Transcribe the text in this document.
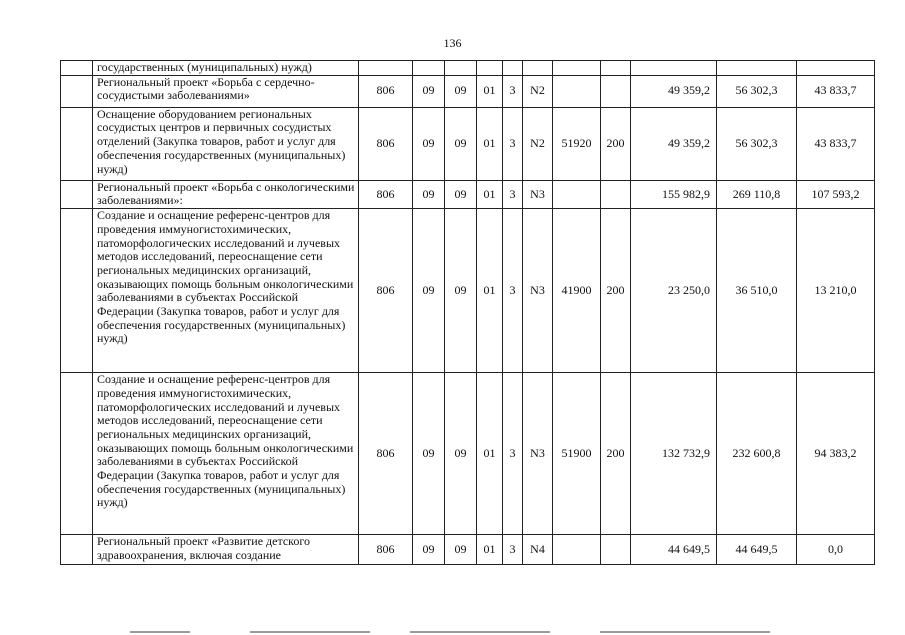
136
	государственных (муниципальных) нужд)											
	Региональный проект «Борьба с сердечно-сосудистыми заболеваниями»	806	09	09	01	3	N2			49 359,2	56 302,3	43 833,7
	Оснащение оборудованием региональных сосудистых центров и первичных сосудистых отделений (Закупка товаров, работ и услуг для обеспечения государственных (муниципальных) нужд)	806	09	09	01	3	N2	51920	200	49 359,2	56 302,3	43 833,7
	Региональный проект «Борьба с онкологическими заболеваниями»:	806	09	09	01	3	N3			155 982,9	269 110,8	107 593,2
	Создание и оснащение референс-центров для проведения иммуногистохимических, патоморфологических исследований и лучевых методов исследований, переоснащение сети региональных медицинских организаций, оказывающих помощь больным онкологическими заболеваниями в субъектах Российской Федерации (Закупка товаров, работ и услуг для обеспечения государственных (муниципальных) нужд)	806	09	09	01	3	N3	41900	200	23 250,0	36 510,0	13 210,0
	Создание и оснащение референс-центров для проведения иммуногистохимических, патоморфологических исследований и лучевых методов исследований, переоснащение сети региональных медицинских организаций, оказывающих помощь больным онкологическими заболеваниями в субъектах Российской Федерации (Закупка товаров, работ и услуг для обеспечения государственных (муниципальных) нужд)	806	09	09	01	3	N3	51900	200	132 732,9	232 600,8	94 383,2
	Региональный проект «Развитие детского здравоохранения, включая создание	806	09	09	01	3	N4			44 649,5	44 649,5	0,0
